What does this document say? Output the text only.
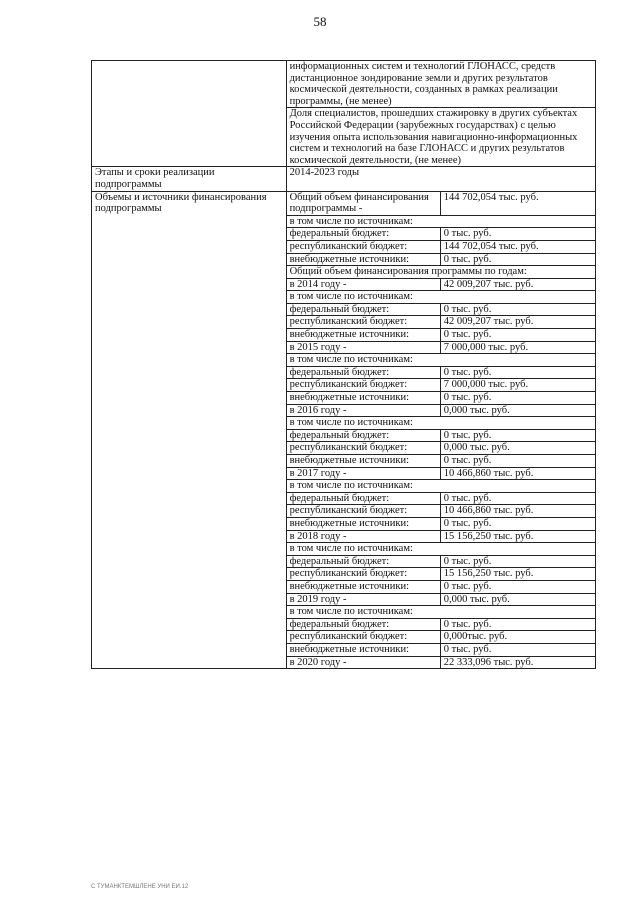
58
	информационных систем и технологий ГЛОНАСС, средств дистанционное зондирование земли и других результатов космической деятельности, созданных в рамках реализации программы, (не менее)	
	Доля специалистов, прошедших стажировку в других субъектах Российской Федерации (зарубежных государствах) с целью изучения опыта использования навигационно-информационных систем и технологий на базе ГЛОНАСС и других результатов космической деятельности, (не менее)	
Этапы и сроки реализации подпрограммы	2014-2023 годы	
Объемы и источники финансирования подпрограммы	Общий объем финансирования подпрограммы -	144 702,054 тыс. руб.
	в том числе по источникам:	
	федеральный бюджет:	0 тыс. руб.
	республиканский бюджет:	144 702,054 тыс. руб.
	внебюджетные источники:	0 тыс. руб.
	Общий объем финансирования программы по годам:	
	в 2014 году -	42 009,207 тыс. руб.
	в том числе по источникам:	
	федеральный бюджет:	0 тыс. руб.
	республиканский бюджет:	42 009,207 тыс. руб.
	внебюджетные источники:	0 тыс. руб.
	в 2015 году -	7 000,000 тыс. руб.
	в том числе по источникам:	
	федеральный бюджет:	0 тыс. руб.
	республиканский бюджет:	7 000,000 тыс. руб.
	внебюджетные источники:	0 тыс. руб.
	в 2016 году -	0,000 тыс. руб.
	в том числе по источникам:	
	федеральный бюджет:	0 тыс. руб.
	республиканский бюджет:	0,000 тыс. руб.
	внебюджетные источники:	0 тыс. руб.
	в 2017 году -	10 466,860 тыс. руб.
	в том числе по источникам:	
	федеральный бюджет:	0 тыс. руб.
	республиканский бюджет:	10 466,860 тыс. руб.
	внебюджетные источники:	0 тыс. руб.
	в 2018 году -	15 156,250 тыс. руб.
	в том числе по источникам:	
	федеральный бюджет:	0 тыс. руб.
	республиканский бюджет:	15 156,250 тыс. руб.
	внебюджетные источники:	0 тыс. руб.
	в 2019 году -	0,000 тыс. руб.
	в том числе по источникам:	
	федеральный бюджет:	0 тыс. руб.
	республиканский бюджет:	0,000тыс. руб.
	внебюджетные источники:	0 тыс. руб.
	в 2020 году -	22 333,096 тыс. руб.
С ТУМАНКТЕМШЛЕНЕ УНИ ЕИ.12
